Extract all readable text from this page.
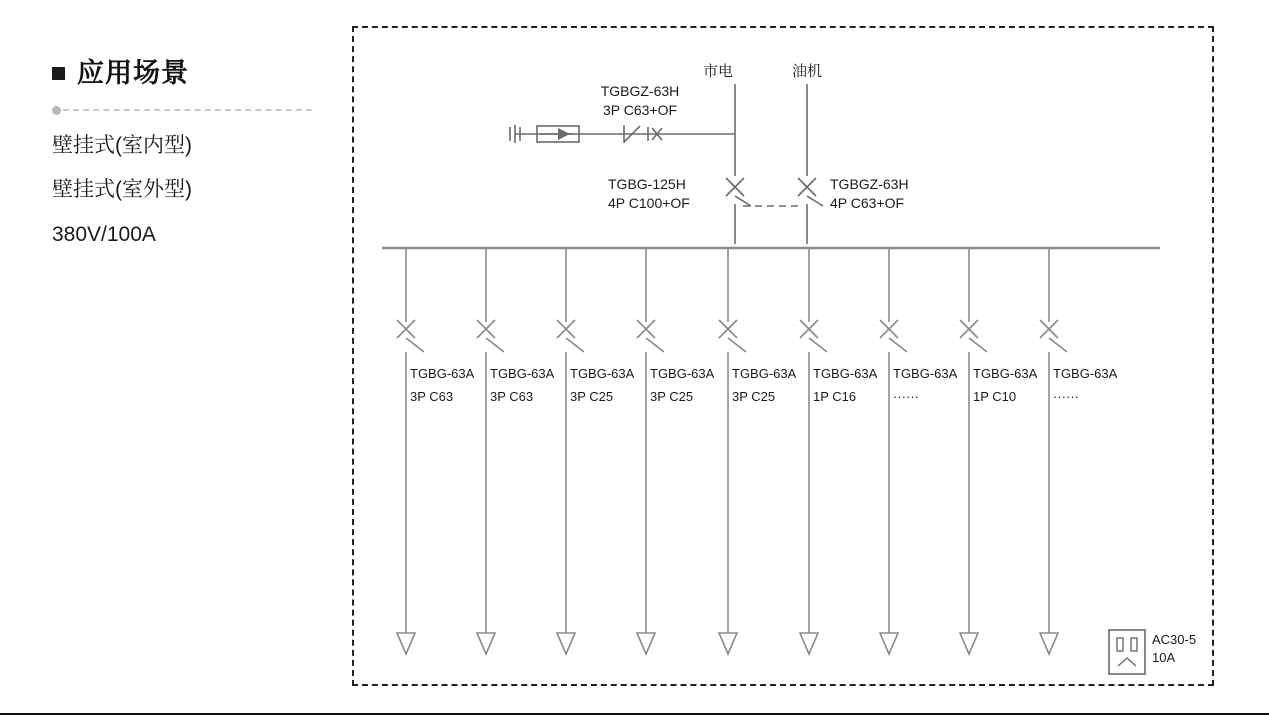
应用场景
壁挂式(室内型)
壁挂式(室外型)
380V/100A
市电	油机
TGBGZ-63H
3P C63+OF
TGBG-125H
4P C100+OF
TGBGZ-63H
4P C63+OF
TGBG-63A
3P C63
TGBG-63A
3P C63
TGBG-63A
3P C25
TGBG-63A
3P C25
TGBG-63A
3P C25
TGBG-63A
1P C16
TGBG-63A
······
TGBG-63A
1P C10
TGBG-63A
······
AC30-5
10A
